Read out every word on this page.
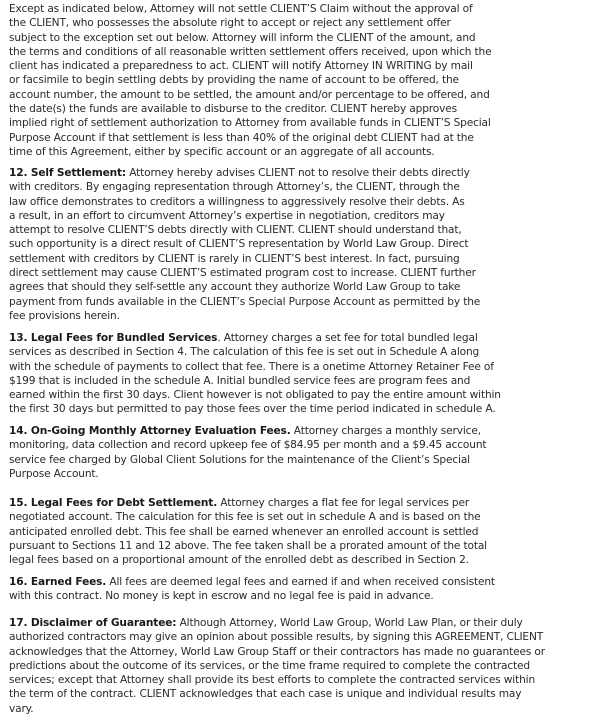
Except as indicated below, Attorney will not settle CLIENT’S Claim without the approval of
the CLIENT, who possesses the absolute right to accept or reject any settlement offer
subject to the exception set out below. Attorney will inform the CLIENT of the amount, and
the terms and conditions of all reasonable written settlement offers received, upon which the
client has indicated a preparedness to act. CLIENT will notify Attorney IN WRITING by mail
or facsimile to begin settling debts by providing the name of account to be offered, the
account number, the amount to be settled, the amount and/or percentage to be offered, and
the date(s) the funds are available to disburse to the creditor. CLIENT hereby approves
implied right of settlement authorization to Attorney from available funds in CLIENT’S Special
Purpose Account if that settlement is less than 40% of the original debt CLIENT had at the
time of this Agreement, either by specific account or an aggregate of all accounts.

12. Self Settlement: Attorney hereby advises CLIENT not to resolve their debts directly
with creditors. By engaging representation through Attorney’s, the CLIENT, through the
law office demonstrates to creditors a willingness to aggressively resolve their debts. As
a result, in an effort to circumvent Attorney’s expertise in negotiation, creditors may
attempt to resolve CLIENT’S debts directly with CLIENT. CLIENT should understand that,
such opportunity is a direct result of CLIENT’S representation by World Law Group. Direct
settlement with creditors by CLIENT is rarely in CLIENT’S best interest. In fact, pursuing
direct settlement may cause CLIENT’S estimated program cost to increase. CLIENT further
agrees that should they self-settle any account they authorize World Law Group to take
payment from funds available in the CLIENT’s Special Purpose Account as permitted by the
fee provisions herein.

13. Legal Fees for Bundled Services. Attorney charges a set fee for total bundled legal
services as described in Section 4. The calculation of this fee is set out in Schedule A along
with the schedule of payments to collect that fee. There is a onetime Attorney Retainer Fee of
$199 that is included in the schedule A. Initial bundled service fees are program fees and
earned within the first 30 days. Client however is not obligated to pay the entire amount within
the first 30 days but permitted to pay those fees over the time period indicated in schedule A.

14. On-Going Monthly Attorney Evaluation Fees. Attorney charges a monthly service,
monitoring, data collection and record upkeep fee of $84.95 per month and a $9.45 account
service fee charged by Global Client Solutions for the maintenance of the Client’s Special
Purpose Account.

15. Legal Fees for Debt Settlement. Attorney charges a flat fee for legal services per
negotiated account. The calculation for this fee is set out in schedule A and is based on the
anticipated enrolled debt. This fee shall be earned whenever an enrolled account is settled
pursuant to Sections 11 and 12 above. The fee taken shall be a prorated amount of the total
legal fees based on a proportional amount of the enrolled debt as described in Section 2.

16. Earned Fees. All fees are deemed legal fees and earned if and when received consistent
with this contract. No money is kept in escrow and no legal fee is paid in advance.

17. Disclaimer of Guarantee: Although Attorney, World Law Group, World Law Plan, or their duly
authorized contractors may give an opinion about possible results, by signing this AGREEMENT, CLIENT
acknowledges that the Attorney, World Law Group Staff or their contractors has made no guarantees or
predictions about the outcome of its services, or the time frame required to complete the contracted
services; except that Attorney shall provide its best efforts to complete the contracted services within
the term of the contract. CLIENT acknowledges that each case is unique and individual results may
vary.
